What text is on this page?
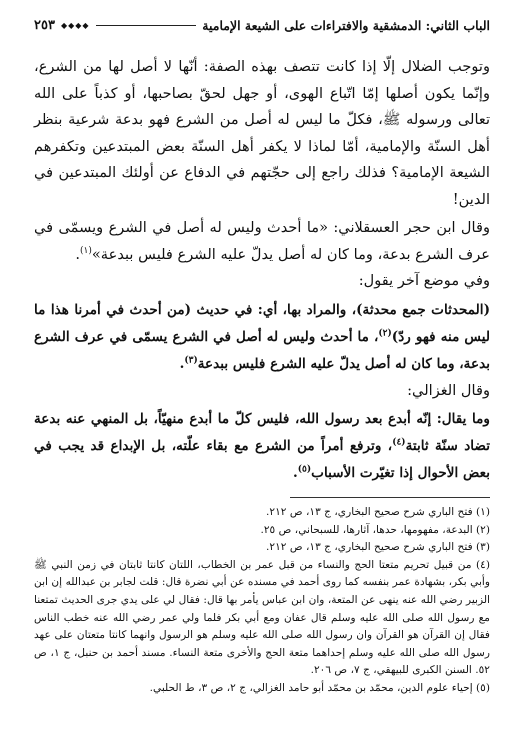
الباب الثاني: الدمشقية والافتراءات على الشيعة الإمامية
◆◆◆◆
٢٥٣

وتوجب الضلال إلّا إذا كانت تتصف بهذه الصفة: أنّها لا أصل لها من الشرع، وإنّما يكون أصلها إمّا اتّباع الهوى، أو جهل لحقّ بصاحبها، أو كذباً على الله تعالى ورسوله ﷺ، فكلّ ما ليس له أصل من الشرع فهو بدعة شرعية بنظر أهل السنّة والإمامية، أمّا لماذا لا يكفر أهل السنّة بعض المبتدعين وتكفرهم الشيعة الإمامية؟ فذلك راجع إلى حجّتهم في الدفاع عن أولئك المبتدعين في الدين!

وقال ابن حجر العسقلاني: «ما أحدث وليس له أصل في الشرع ويسمّى في عرف الشرع بدعة، وما كان له أصل يدلّ عليه الشرع فليس ببدعة»$^{(١)}$.

وفي موضع آخر يقول:

(المحدثات جمع محدثة)، والمراد بها، أي: في حديث (من أحدث في أمرنا هذا ما ليس منه فهو ردّ)$^{(٢)}$، ما أحدث وليس له أصل في الشرع يسمّى في عرف الشرع بدعة، وما كان له أصل يدلّ عليه الشرع فليس ببدعة$^{(٣)}$.

وقال الغزالي:

وما يقال: إنّه أبدع بعد رسول الله، فليس كلّ ما أبدع منهيّاً، بل المنهي عنه بدعة تضاد سنّة ثابتة$^{(٤)}$، وترفع أمراً من الشرع مع بقاء علّته، بل الإبداع قد يجب في بعض الأحوال إذا تغيّرت الأسباب$^{(٥)}$.

(١) فتح الباري شرح صحيح البخاري، ج ١٣، ص ٢١٢.
(٢) البدعة، مفهومها، حدها، آثارها، للسبحاني، ص ٢٥.
(٣) فتح الباري شرح صحيح البخاري، ج ١٣، ص ٢١٢.
(٤) من قبيل تحريم متعتا الحج والنساء من قبل عمر بن الخطاب، اللتان كانتا ثابتان في زمن النبي ﷺ وأبي بكر، بشهادة عمر بنفسه كما روى أحمد في مسنده عن أبي نضرة قال: قلت لجابر بن عبدالله إن ابن الزبير رضي الله عنه ينهى عن المتعة، وان ابن عباس يأمر بها قال: فقال لي على يدي جرى الحديث تمتعنا مع رسول الله صلى الله عليه وسلم قال عفان ومع أبي بكر فلما ولي عمر رضي الله عنه خطب الناس فقال إن القرآن هو القرآن وان رسول الله صلى الله عليه وسلم هو الرسول وانهما كانتا متعتان على عهد رسول الله صلى الله عليه وسلم إحداهما متعة الحج والأخرى متعة النساء. مسند أحمد بن حنبل، ج ١، ص ٥٢. السنن الكبرى للبيهقي، ج ٧، ص ٢٠٦.
(٥) إحياء علوم الدين، محمّد بن محمّد أبو حامد الغزالي، ج ٢، ص ٣، ط الحلبي.
